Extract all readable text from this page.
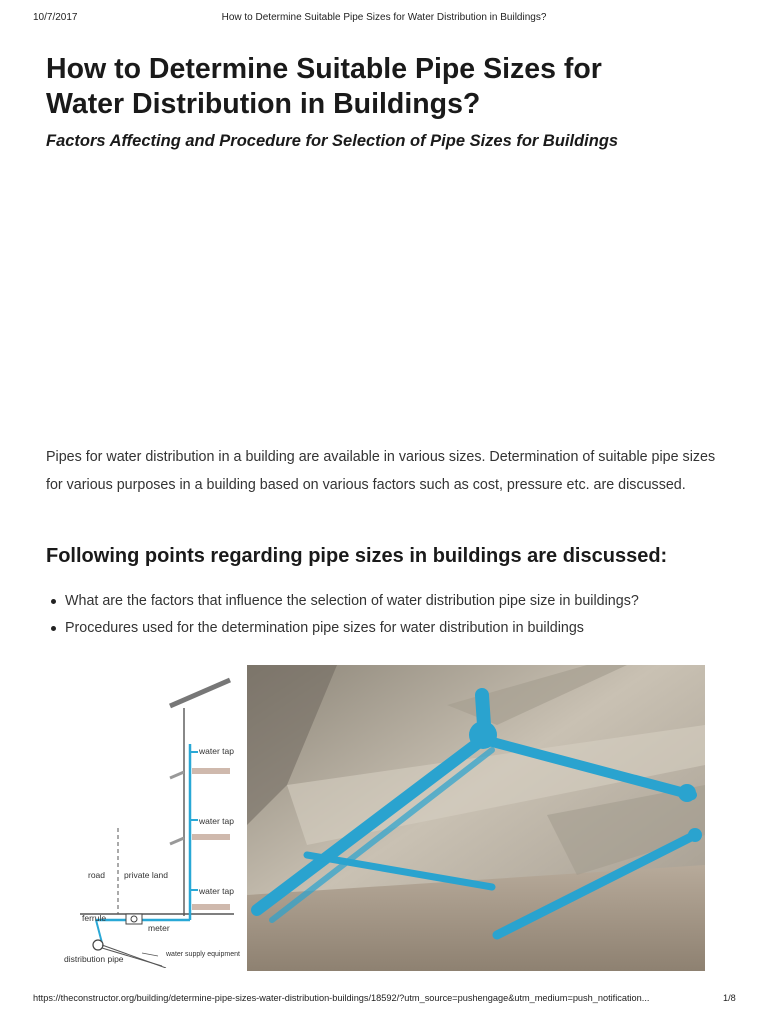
10/7/2017	How to Determine Suitable Pipe Sizes for Water Distribution in Buildings?
How to Determine Suitable Pipe Sizes for
Water Distribution in Buildings?

Factors Affecting and Procedure for Selection of Pipe Sizes for Buildings

Pipes for water distribution in a building are available in various sizes. Determination of suitable pipe sizes for various purposes in a building based on various factors such as cost, pressure etc. are discussed.

Following points regarding pipe sizes in buildings are discussed:
What are the factors that influence the selection of water distribution pipe size in buildings?
Procedures used for the determination pipe sizes for water distribution in buildings
water tap
water tap
water tap
road private land
ferrule
meter
distribution pipe	water supply equipment
https://theconstructor.org/building/determine-pipe-sizes-water-distribution-buildings/18592/?utm_source=pushengage&utm_medium=push_notification...	1/8
